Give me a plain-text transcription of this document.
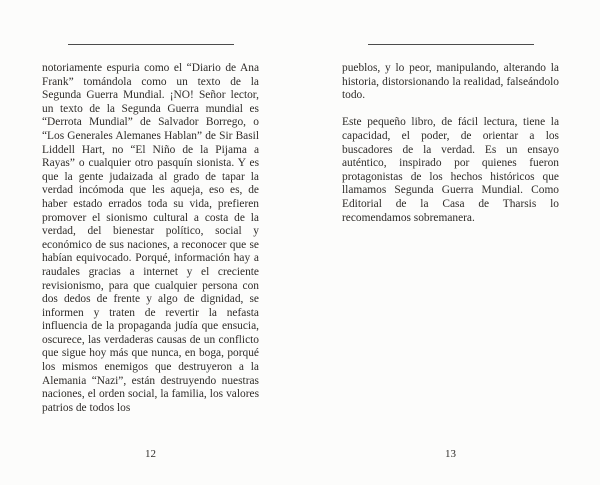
notoriamente espuria como el “Diario de Ana Frank” tomándola como un texto de la Segunda Guerra Mundial. ¡NO! Señor lector, un texto de la Segunda Guerra mundial es “Derrota Mundial” de Salvador Borrego, o “Los Generales Alemanes Hablan” de Sir Basil Liddell Hart, no “El Niño de la Pijama a Rayas” o cualquier otro pasquín sionista. Y es que la gente judaizada al grado de tapar la verdad incómoda que les aqueja, eso es, de haber estado errados toda su vida, prefieren promover el sionismo cultural a costa de la verdad, del bienestar político, social y económico de sus naciones, a reconocer que se habían equivocado. Porqué, información hay a raudales gracias a internet y el creciente revisionismo, para que cualquier persona con dos dedos de frente y algo de dignidad, se informen y traten de revertir la nefasta influencia de la propaganda judía que ensucia, oscurece, las verdaderas causas de un conflicto que sigue hoy más que nunca, en boga, porqué los mismos enemigos que destruyeron a la Alemania “Nazi”, están destruyendo nuestras naciones, el orden social, la familia, los valores patrios de todos los

12

pueblos, y lo peor, manipulando, alterando la historia, distorsionando la realidad, falseándolo todo.

Este pequeño libro, de fácil lectura, tiene la capacidad, el poder, de orientar a los buscadores de la verdad. Es un ensayo auténtico, inspirado por quienes fueron protagonistas de los hechos históricos que llamamos Segunda Guerra Mundial. Como Editorial de la Casa de Tharsis lo recomendamos sobremanera.

13
